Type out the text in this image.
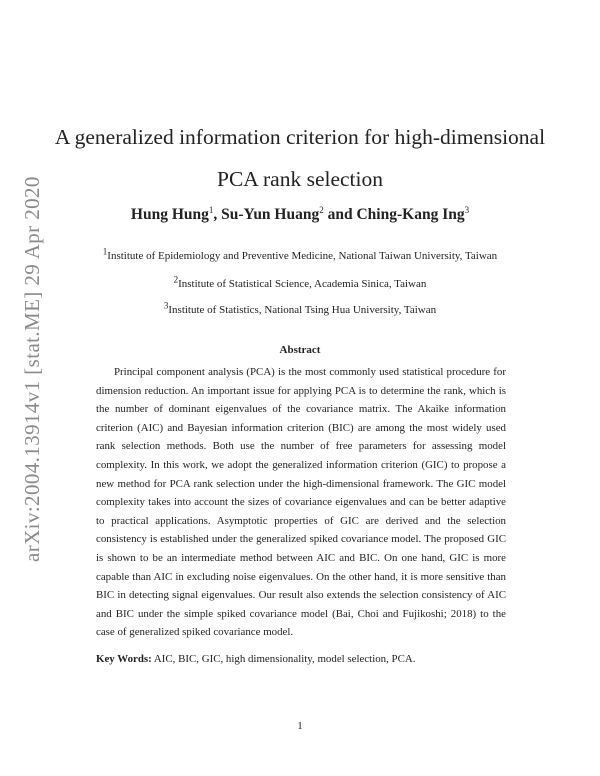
arXiv:2004.13914v1 [stat.ME] 29 Apr 2020
A generalized information criterion for high-dimensional
PCA rank selection
Hung Hung$^1$, Su-Yun Huang$^2$ and Ching-Kang Ing$^3$
$^1$Institute of Epidemiology and Preventive Medicine, National Taiwan University, Taiwan
$^2$Institute of Statistical Science, Academia Sinica, Taiwan
$^3$Institute of Statistics, National Tsing Hua University, Taiwan
Abstract

Principal component analysis (PCA) is the most commonly used statistical procedure for dimension reduction. An important issue for applying PCA is to determine the rank, which is the number of dominant eigenvalues of the covariance matrix. The Akaike information criterion (AIC) and Bayesian information criterion (BIC) are among the most widely used rank selection methods. Both use the number of free parameters for assessing model complexity. In this work, we adopt the generalized information criterion (GIC) to propose a new method for PCA rank selection under the high-dimensional framework. The GIC model complexity takes into account the sizes of covariance eigenvalues and can be better adaptive to practical applications. Asymptotic properties of GIC are derived and the selection consistency is established under the generalized spiked covariance model. The proposed GIC is shown to be an intermediate method between AIC and BIC. On one hand, GIC is more capable than AIC in excluding noise eigenvalues. On the other hand, it is more sensitive than BIC in detecting signal eigenvalues. Our result also extends the selection consistency of AIC and BIC under the simple spiked covariance model (Bai, Choi and Fujikoshi; 2018) to the case of generalized spiked covariance model.

Key Words: AIC, BIC, GIC, high dimensionality, model selection, PCA.
1
